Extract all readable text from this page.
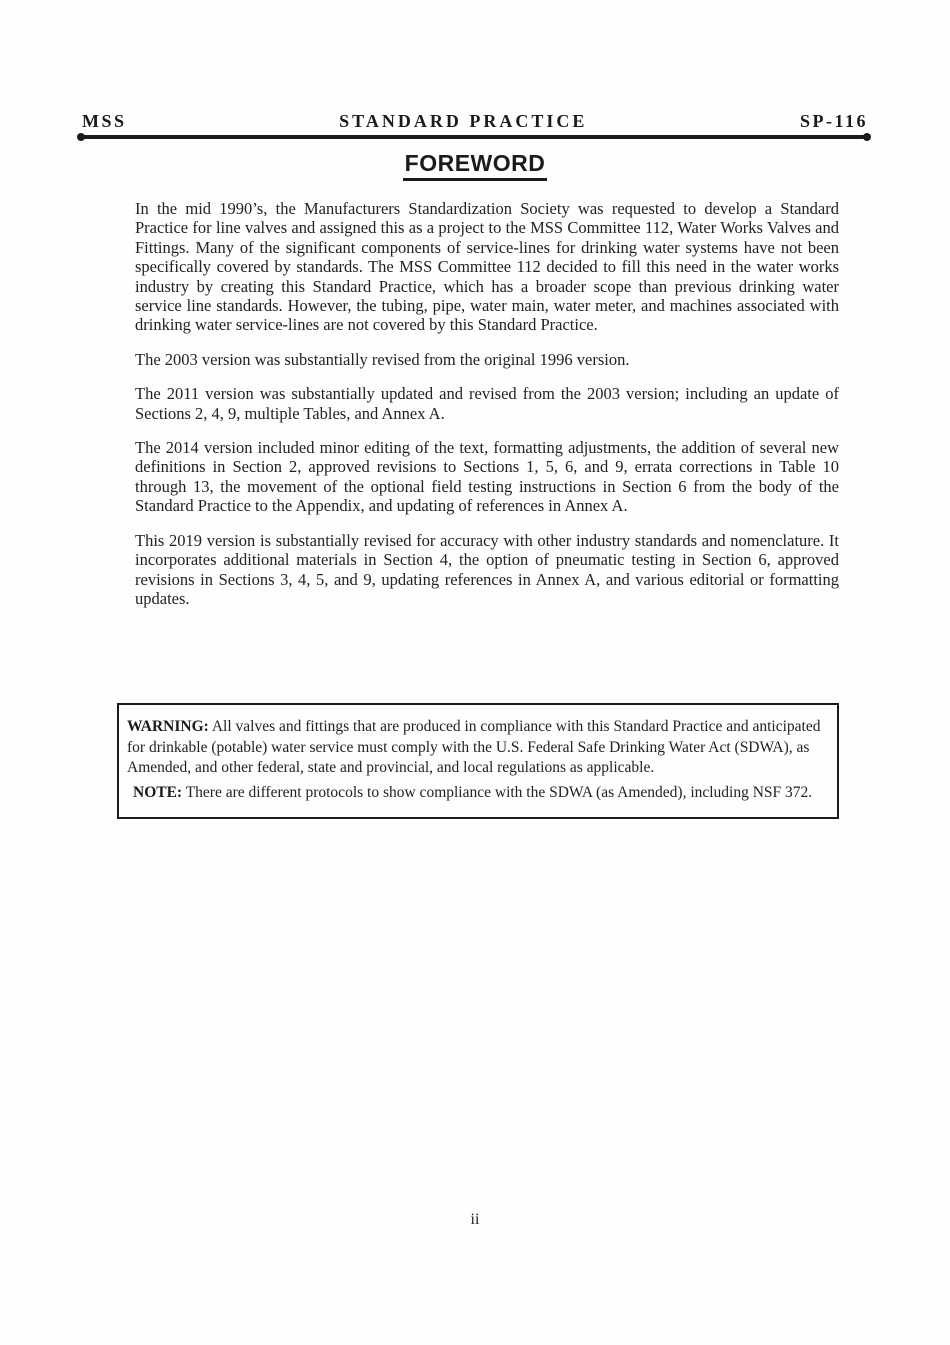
MSS	STANDARD PRACTICE	SP-116
FOREWORD

In the mid 1990’s, the Manufacturers Standardization Society was requested to develop a Standard Practice for line valves and assigned this as a project to the MSS Committee 112, Water Works Valves and Fittings. Many of the significant components of service-lines for drinking water systems have not been specifically covered by standards. The MSS Committee 112 decided to fill this need in the water works industry by creating this Standard Practice, which has a broader scope than previous drinking water service line standards. However, the tubing, pipe, water main, water meter, and machines associated with drinking water service-lines are not covered by this Standard Practice.

The 2003 version was substantially revised from the original 1996 version.

The 2011 version was substantially updated and revised from the 2003 version; including an update of Sections 2, 4, 9, multiple Tables, and Annex A.

The 2014 version included minor editing of the text, formatting adjustments, the addition of several new definitions in Section 2, approved revisions to Sections 1, 5, 6, and 9, errata corrections in Table 10 through 13, the movement of the optional field testing instructions in Section 6 from the body of the Standard Practice to the Appendix, and updating of references in Annex A.

This 2019 version is substantially revised for accuracy with other industry standards and nomenclature. It incorporates additional materials in Section 4, the option of pneumatic testing in Section 6, approved revisions in Sections 3, 4, 5, and 9, updating references in Annex A, and various editorial or formatting updates.

WARNING: All valves and fittings that are produced in compliance with this Standard Practice and anticipated for drinkable (potable) water service must comply with the U.S. Federal Safe Drinking Water Act (SDWA), as Amended, and other federal, state and provincial, and local regulations as applicable.

NOTE: There are different protocols to show compliance with the SDWA (as Amended), including NSF 372.

ii
